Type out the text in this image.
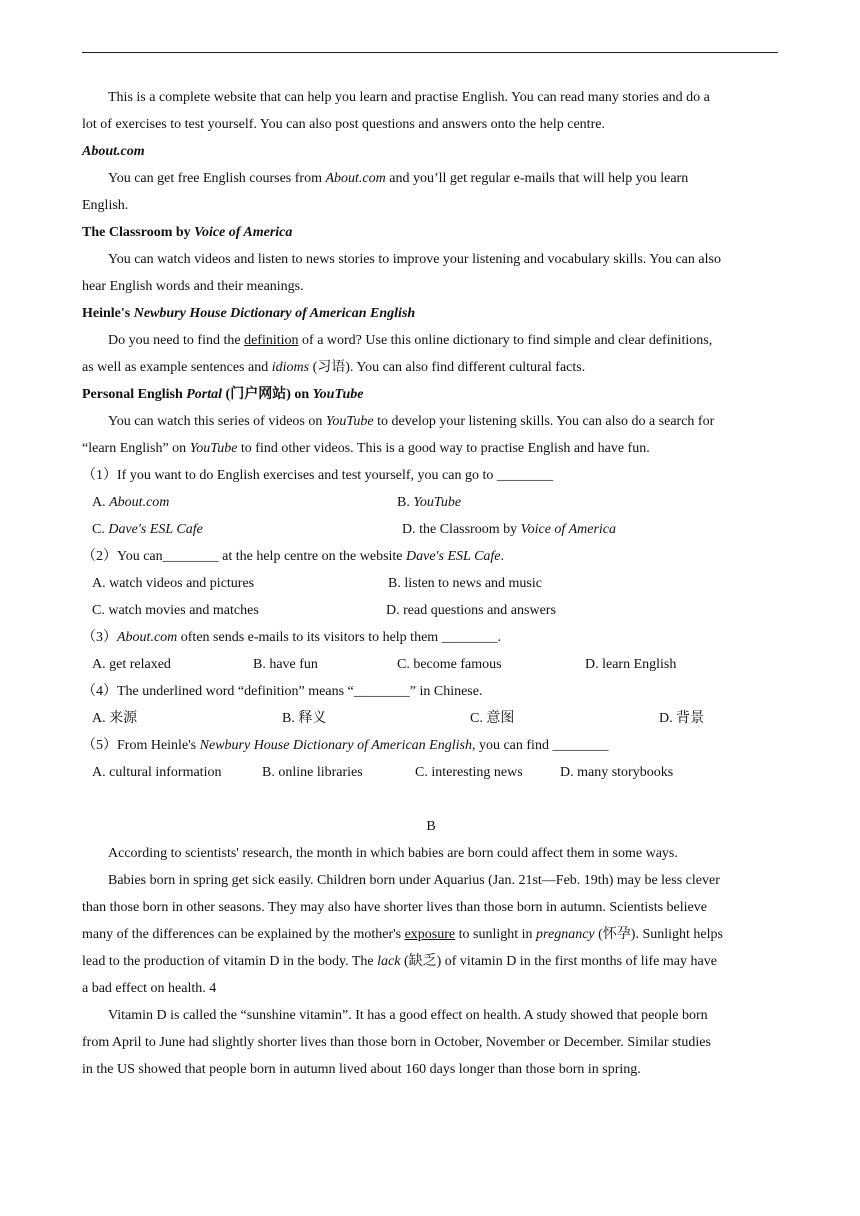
This is a complete website that can help you learn and practise English. You can read many stories and do a
lot of exercises to test yourself. You can also post questions and answers onto the help centre.
About.com
You can get free English courses from About.com and you’ll get regular e-mails that will help you learn
English.
The Classroom by Voice of America
You can watch videos and listen to news stories to improve your listening and vocabulary skills. You can also
hear English words and their meanings.
Heinle's Newbury House Dictionary of American English
Do you need to find the definition of a word? Use this online dictionary to find simple and clear definitions,
as well as example sentences and idioms (习语). You can also find different cultural facts.
Personal English Portal (门户网站) on YouTube
You can watch this series of videos on YouTube to develop your listening skills. You can also do a search for
“learn English” on YouTube to find other videos. This is a good way to practise English and have fun.
（1）If you want to do English exercises and test yourself, you can go to ________
A. About.com	B. YouTube
C. Dave's ESL Cafe	D. the Classroom by Voice of America
（2）You can________ at the help centre on the website Dave's ESL Cafe.
A. watch videos and pictures	B. listen to news and music
C. watch movies and matches	D. read questions and answers
（3）About.com often sends e-mails to its visitors to help them ________.
A. get relaxed	B. have fun	C. become famous	D. learn English
（4）The underlined word “definition” means “________” in Chinese.
A. 来源	B. 释义	C. 意图	D. 背景
（5）From Heinle's Newbury House Dictionary of American English, you can find ________
A. cultural information	B. online libraries	C. interesting news	D. many storybooks
B
According to scientists' research, the month in which babies are born could affect them in some ways.
Babies born in spring get sick easily. Children born under Aquarius (Jan. 21st—Feb. 19th) may be less clever
than those born in other seasons. They may also have shorter lives than those born in autumn. Scientists believe
many of the differences can be explained by the mother's exposure to sunlight in pregnancy (怀孕). Sunlight helps
lead to the production of vitamin D in the body. The lack (缺乏) of vitamin D in the first months of life may have
a bad effect on health. 4
Vitamin D is called the “sunshine vitamin”. It has a good effect on health. A study showed that people born
from April to June had slightly shorter lives than those born in October, November or December. Similar studies
in the US showed that people born in autumn lived about 160 days longer than those born in spring.
